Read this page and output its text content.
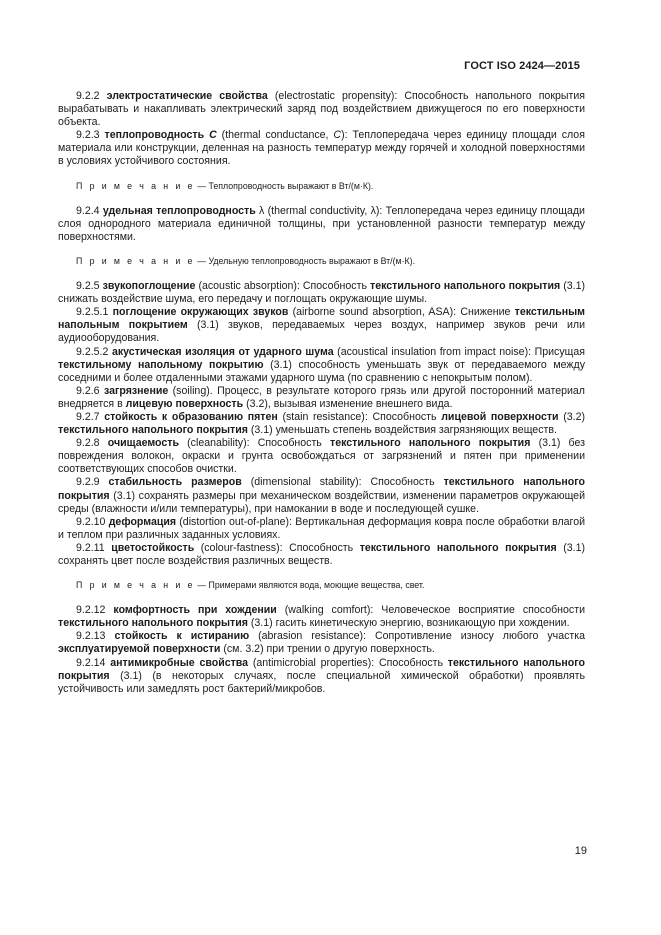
ГОСТ ISO 2424—2015

9.2.2 электростатические свойства (electrostatic propensity): Способность напольного покрытия вырабатывать и накапливать электрический заряд под воздействием движущегося по его поверхности объекта.

9.2.3 теплопроводность С (thermal conductance, С): Теплопередача через единицу площади слоя материала или конструкции, деленная на разность температур между горячей и холодной поверхностями в условиях устойчивого состояния.

П р и м е ч а н и е — Теплопроводность выражают в Вт/(м·К).

9.2.4 удельная теплопроводность λ (thermal conductivity, λ): Теплопередача через единицу площади слоя однородного материала единичной толщины, при установленной разности температур между поверхностями.

П р и м е ч а н и е — Удельную теплопроводность выражают в Вт/(м·К).

9.2.5 звукопоглощение (acoustic absorption): Способность текстильного напольного покрытия (3.1) снижать воздействие шума, его передачу и поглощать окружающие шумы.

9.2.5.1 поглощение окружающих звуков (airborne sound absorption, ASA): Снижение текстильным напольным покрытием (3.1) звуков, передаваемых через воздух, например звуков речи или аудиооборудования.

9.2.5.2 акустическая изоляция от ударного шума (acoustical insulation from impact noise): Присущая текстильному напольному покрытию (3.1) способность уменьшать звук от передаваемого между соседними и более отдаленными этажами ударного шума (по сравнению с непокрытым полом).

9.2.6 загрязнение (soiling). Процесс, в результате которого грязь или другой посторонний материал внедряется в лицевую поверхность (3.2), вызывая изменение внешнего вида.

9.2.7 стойкость к образованию пятен (stain resistance): Способность лицевой поверхности (3.2) текстильного напольного покрытия (3.1) уменьшать степень воздействия загрязняющих веществ.

9.2.8 очищаемость (cleanability): Способность текстильного напольного покрытия (3.1) без повреждения волокон, окраски и грунта освобождаться от загрязнений и пятен при применении соответствующих способов очистки.

9.2.9 стабильность размеров (dimensional stability): Способность текстильного напольного покрытия (3.1) сохранять размеры при механическом воздействии, изменении параметров окружающей среды (влажности и/или температуры), при намокании в воде и последующей сушке.

9.2.10 деформация (distortion out-of-plane): Вертикальная деформация ковра после обработки влагой и теплом при различных заданных условиях.

9.2.11 цветостойкость (colour-fastness): Способность текстильного напольного покрытия (3.1) сохранять цвет после воздействия различных веществ.

П р и м е ч а н и е — Примерами являются вода, моющие вещества, свет.

9.2.12 комфортность при хождении (walking comfort): Человеческое восприятие способности текстильного напольного покрытия (3.1) гасить кинетическую энергию, возникающую при хождении.

9.2.13 стойкость к истиранию (abrasion resistance): Сопротивление износу любого участка эксплуатируемой поверхности (см. 3.2) при трении о другую поверхность.

9.2.14 антимикробные свойства (antimicrobial properties): Способность текстильного напольного покрытия (3.1) (в некоторых случаях, после специальной химической обработки) проявлять устойчивость или замедлять рост бактерий/микробов.

19
